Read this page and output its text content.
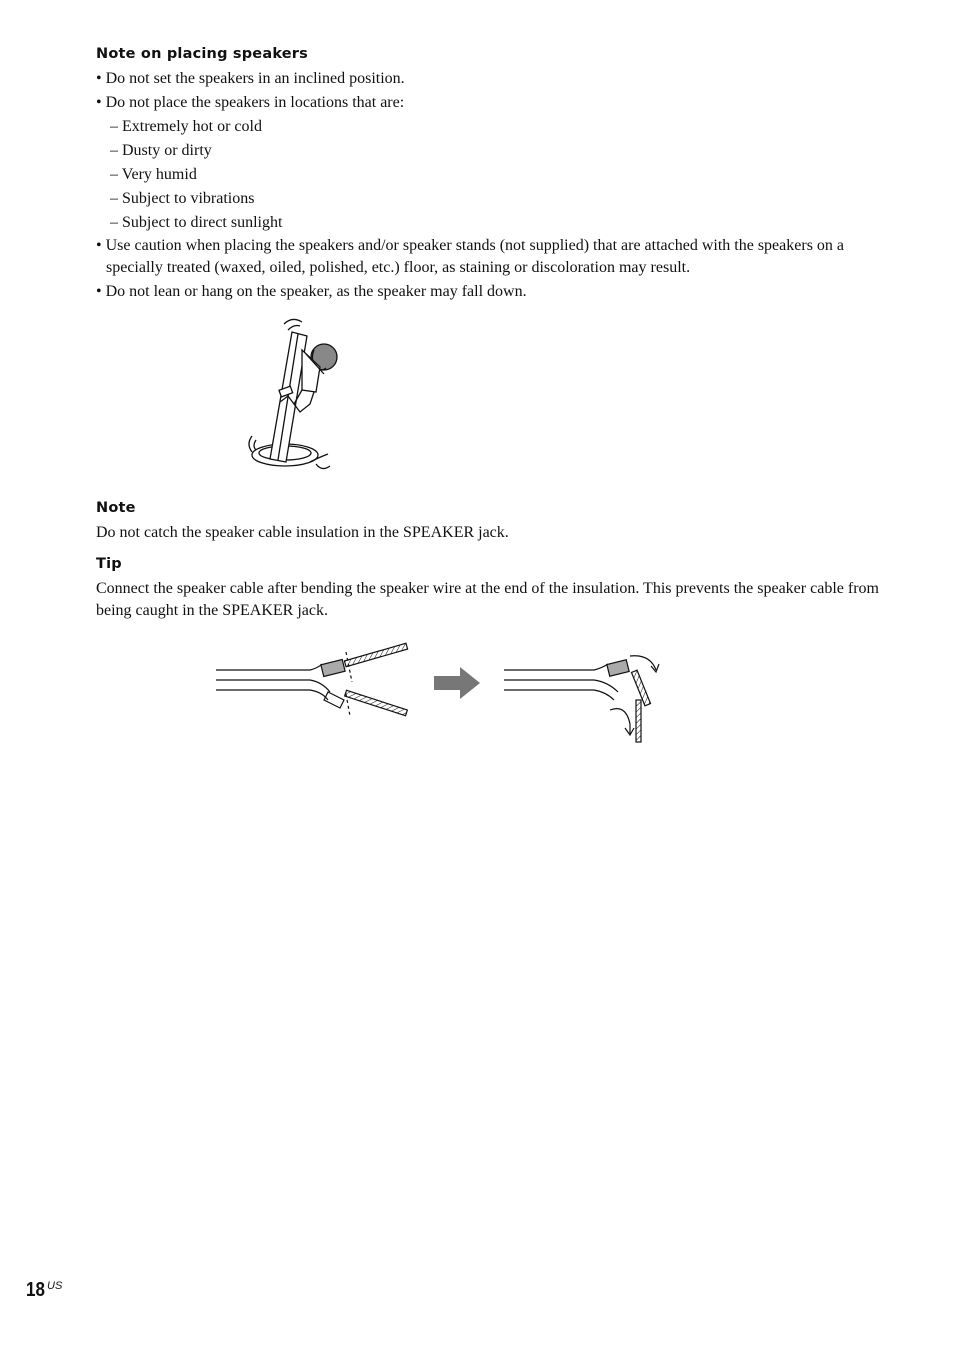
Note on placing speakers
• Do not set the speakers in an inclined position.
• Do not place the speakers in locations that are:
– Extremely hot or cold
– Dusty or dirty
– Very humid
– Subject to vibrations
– Subject to direct sunlight
• Use caution when placing the speakers and/or speaker stands (not supplied) that are attached with the speakers on a specially treated (waxed, oiled, polished, etc.) floor, as staining or discoloration may result.
• Do not lean or hang on the speaker, as the speaker may fall down.
Note
Do not catch the speaker cable insulation in the SPEAKER jack.
Tip
Connect the speaker cable after bending the speaker wire at the end of the insulation. This prevents the speaker cable from being caught in the SPEAKER jack.
18 US
